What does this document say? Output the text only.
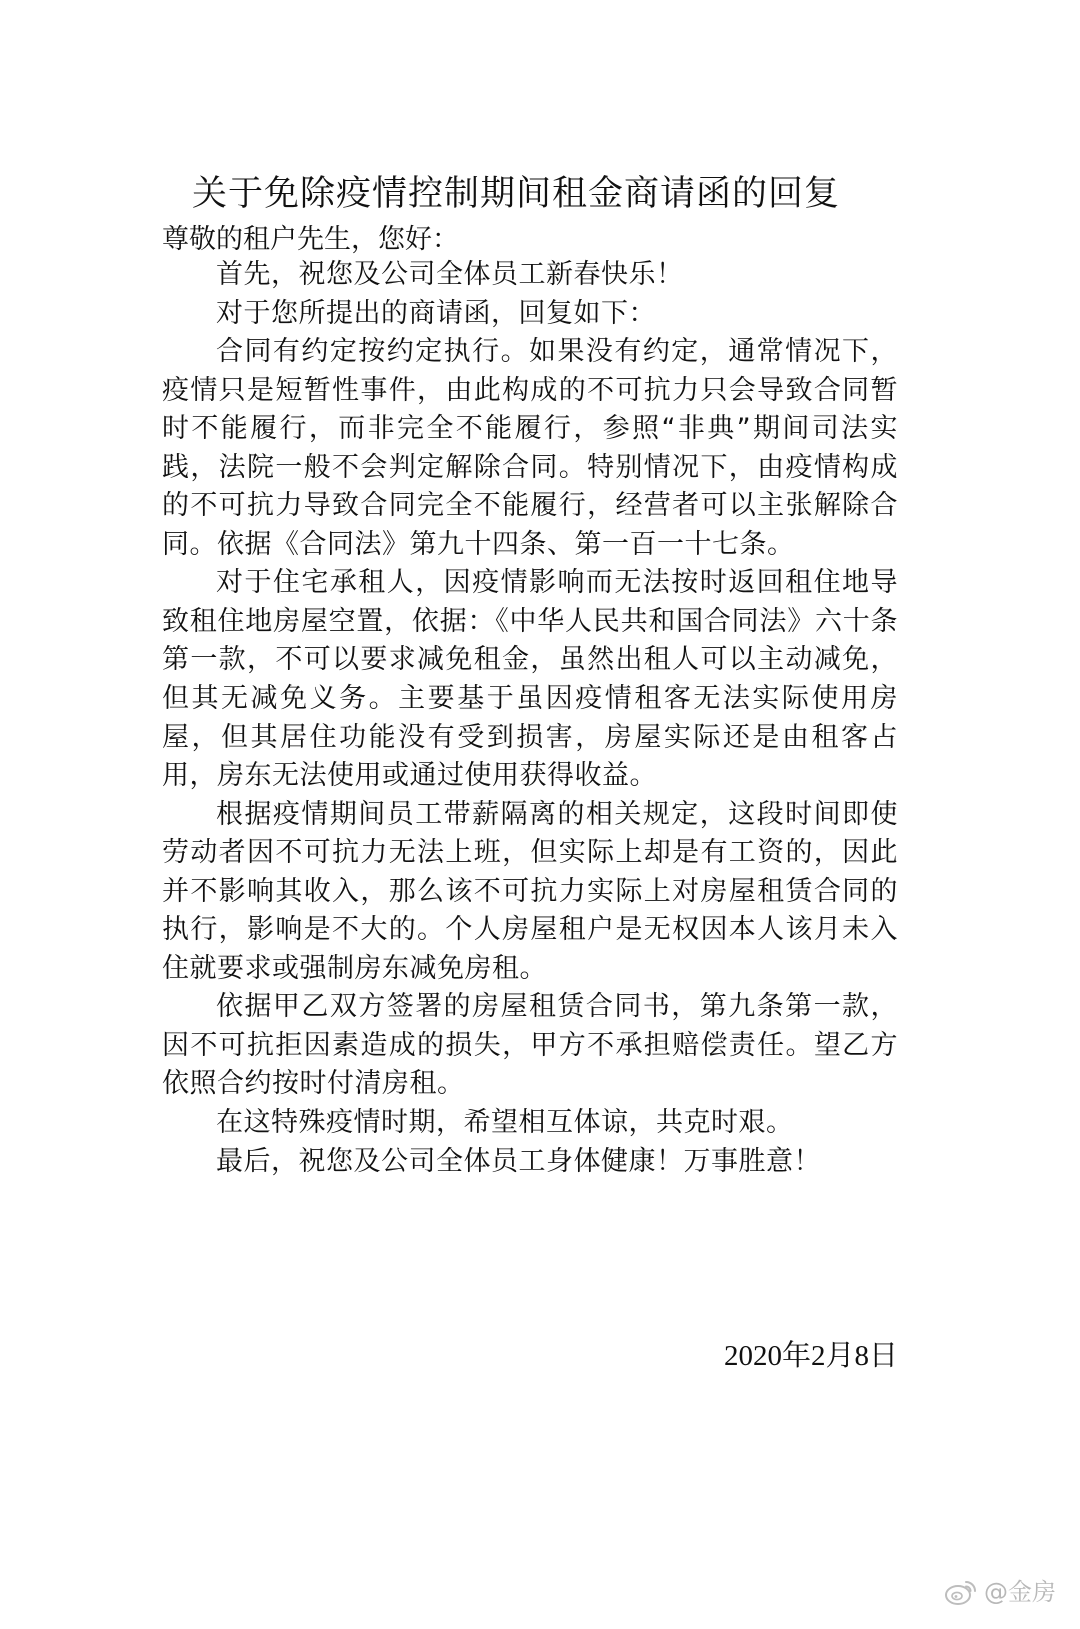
关于免除疫情控制期间租金商请函的回复
尊敬的租户先生，您好：

首先，祝您及公司全体员工新春快乐！

对于您所提出的商请函，回复如下：

合同有约定按约定执行。如果没有约定，通常情况下，疫情只是短暂性事件，由此构成的不可抗力只会导致合同暂时不能履行，而非完全不能履行，参照“非典”期间司法实践，法院一般不会判定解除合同。特别情况下，由疫情构成的不可抗力导致合同完全不能履行，经营者可以主张解除合同。依据《合同法》第九十四条、第一百一十七条。

对于住宅承租人，因疫情影响而无法按时返回租住地导致租住地房屋空置，依据：《中华人民共和国合同法》六十条第一款，不可以要求减免租金，虽然出租人可以主动减免，但其无减免义务。主要基于虽因疫情租客无法实际使用房屋，但其居住功能没有受到损害，房屋实际还是由租客占用，房东无法使用或通过使用获得收益。

根据疫情期间员工带薪隔离的相关规定，这段时间即使劳动者因不可抗力无法上班，但实际上却是有工资的，因此并不影响其收入，那么该不可抗力实际上对房屋租赁合同的执行，影响是不大的。个人房屋租户是无权因本人该月未入住就要求或强制房东减免房租。

依据甲乙双方签署的房屋租赁合同书，第九条第一款，因不可抗拒因素造成的损失，甲方不承担赔偿责任。望乙方依照合约按时付清房租。

在这特殊疫情时期，希望相互体谅，共克时艰。

最后，祝您及公司全体员工身体健康！万事胜意！

2020年2月8日
@金房
